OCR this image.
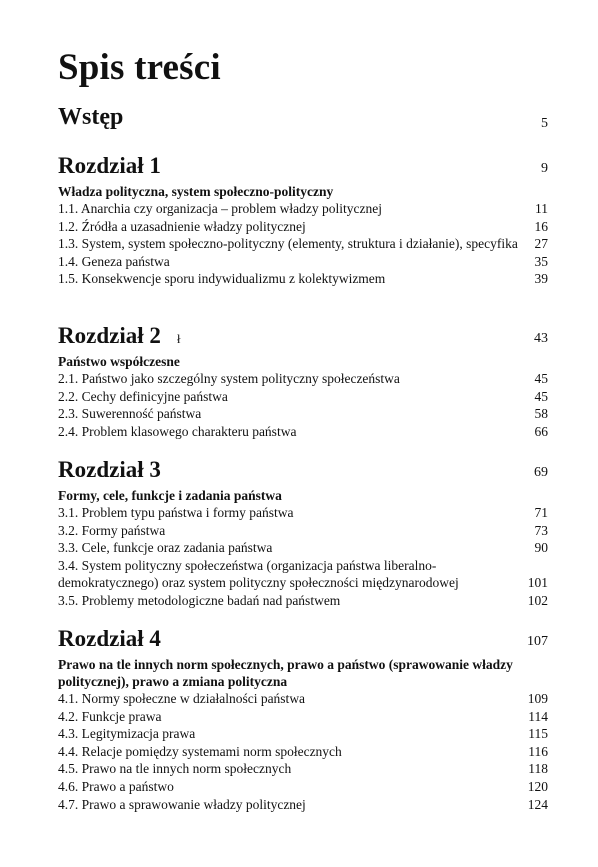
Spis treści
Wstęp	5
Rozdział 1	9
Władza polityczna, system społeczno-polityczny
1.1. Anarchia czy organizacja – problem władzy politycznej	11
1.2. Źródła a uzasadnienie władzy politycznej	16
1.3. System, system społeczno-polityczny (elementy, struktura i działanie), specyfika	27
1.4. Geneza państwa	35
1.5. Konsekwencje sporu indywidualizmu z kolektywizmem	39
Rozdział 2 ł	43
Państwo współczesne
2.1. Państwo jako szczególny system polityczny społeczeństwa	45
2.2. Cechy definicyjne państwa	45
2.3. Suwerenność państwa	58
2.4. Problem klasowego charakteru państwa	66
Rozdział 3	69
Formy, cele, funkcje i zadania państwa
3.1. Problem typu państwa i formy państwa	71
3.2. Formy państwa	73
3.3. Cele, funkcje oraz zadania państwa	90
3.4. System polityczny społeczeństwa (organizacja państwa liberalno-demokratycznego) oraz system polityczny społeczności międzynarodowej	101
3.5. Problemy metodologiczne badań nad państwem	102
Rozdział 4	107
Prawo na tle innych norm społecznych, prawo a państwo (sprawowanie władzy politycznej), prawo a zmiana polityczna
4.1. Normy społeczne w działalności państwa	109
4.2. Funkcje prawa	114
4.3. Legitymizacja prawa	115
4.4. Relacje pomiędzy systemami norm społecznych	116
4.5. Prawo na tle innych norm społecznych	118
4.6. Prawo a państwo	120
4.7. Prawo a sprawowanie władzy politycznej	124
